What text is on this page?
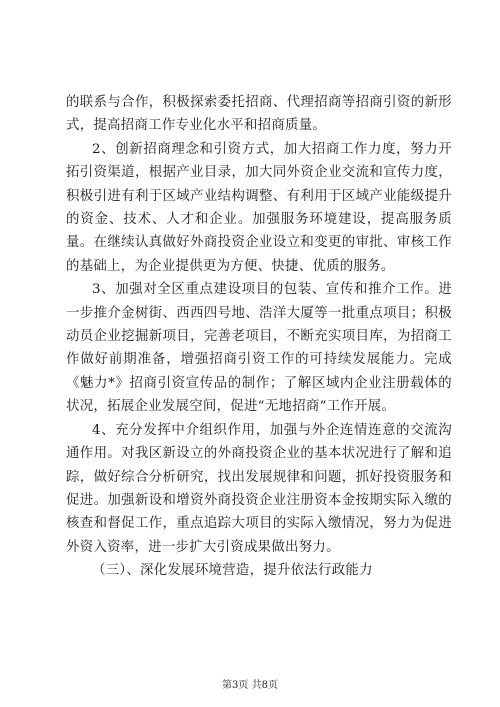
的联系与合作，积极探索委托招商、代理招商等招商引资的新形式，提高招商工作专业化水平和招商质量。

2、创新招商理念和引资方式，加大招商工作力度，努力开拓引资渠道，根据产业目录，加大同外资企业交流和宣传力度，积极引进有利于区域产业结构调整、有利用于区域产业能级提升的资金、技术、人才和企业。加强服务环境建设，提高服务质量。在继续认真做好外商投资企业设立和变更的审批、审核工作的基础上，为企业提供更为方便、快捷、优质的服务。

3、加强对全区重点建设项目的包装、宣传和推介工作。进一步推介金树街、西西四号地、浩洋大厦等一批重点项目；积极动员企业挖掘新项目，完善老项目，不断充实项目库，为招商工作做好前期准备，增强招商引资工作的可持续发展能力。完成《魅力*》招商引资宣传品的制作；了解区域内企业注册载体的状况，拓展企业发展空间，促进“无地招商”工作开展。

4、充分发挥中介组织作用，加强与外企连情连意的交流沟通作用。对我区新设立的外商投资企业的基本状况进行了解和追踪，做好综合分析研究，找出发展规律和问题，抓好投资服务和促进。加强新设和增资外商投资企业注册资本金按期实际入缴的核查和督促工作，重点追踪大项目的实际入缴情况，努力为促进外资入资率，进一步扩大引资成果做出努力。

（三）、深化发展环境营造，提升依法行政能力

第3页 共8页
